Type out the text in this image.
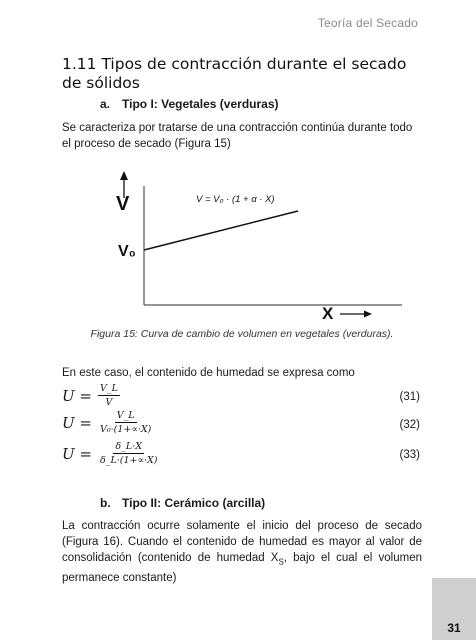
Teoría del Secado
1.11 Tipos de contracción durante el secado de sólidos
a. Tipo I: Vegetales (verduras)
Se caracteriza por tratarse de una contracción continúa durante todo el proceso de secado (Figura 15)
V
V₀
V = V₀ · (1 + α · X)
X
Figura 15: Curva de cambio de volumen en vegetales (verduras).
En este caso, el contenido de humedad se expresa como
$U = \frac{V\_L}{V}$	(31)
$U = \frac{V\_L}{\text{V₀·(1+∝·X)}}$	(32)
$U = \frac{\delta\_L\cdot X}{\delta\_L\cdot(1+\propto\cdot X)}$	(33)
b. Tipo II: Cerámico (arcilla)
La contracción ocurre solamente el inicio del proceso de secado (Figura 16). Cuando el contenido de humedad es mayor al valor de consolidación (contenido de humedad $X_S$, bajo el cual el volumen permanece constante)
31
